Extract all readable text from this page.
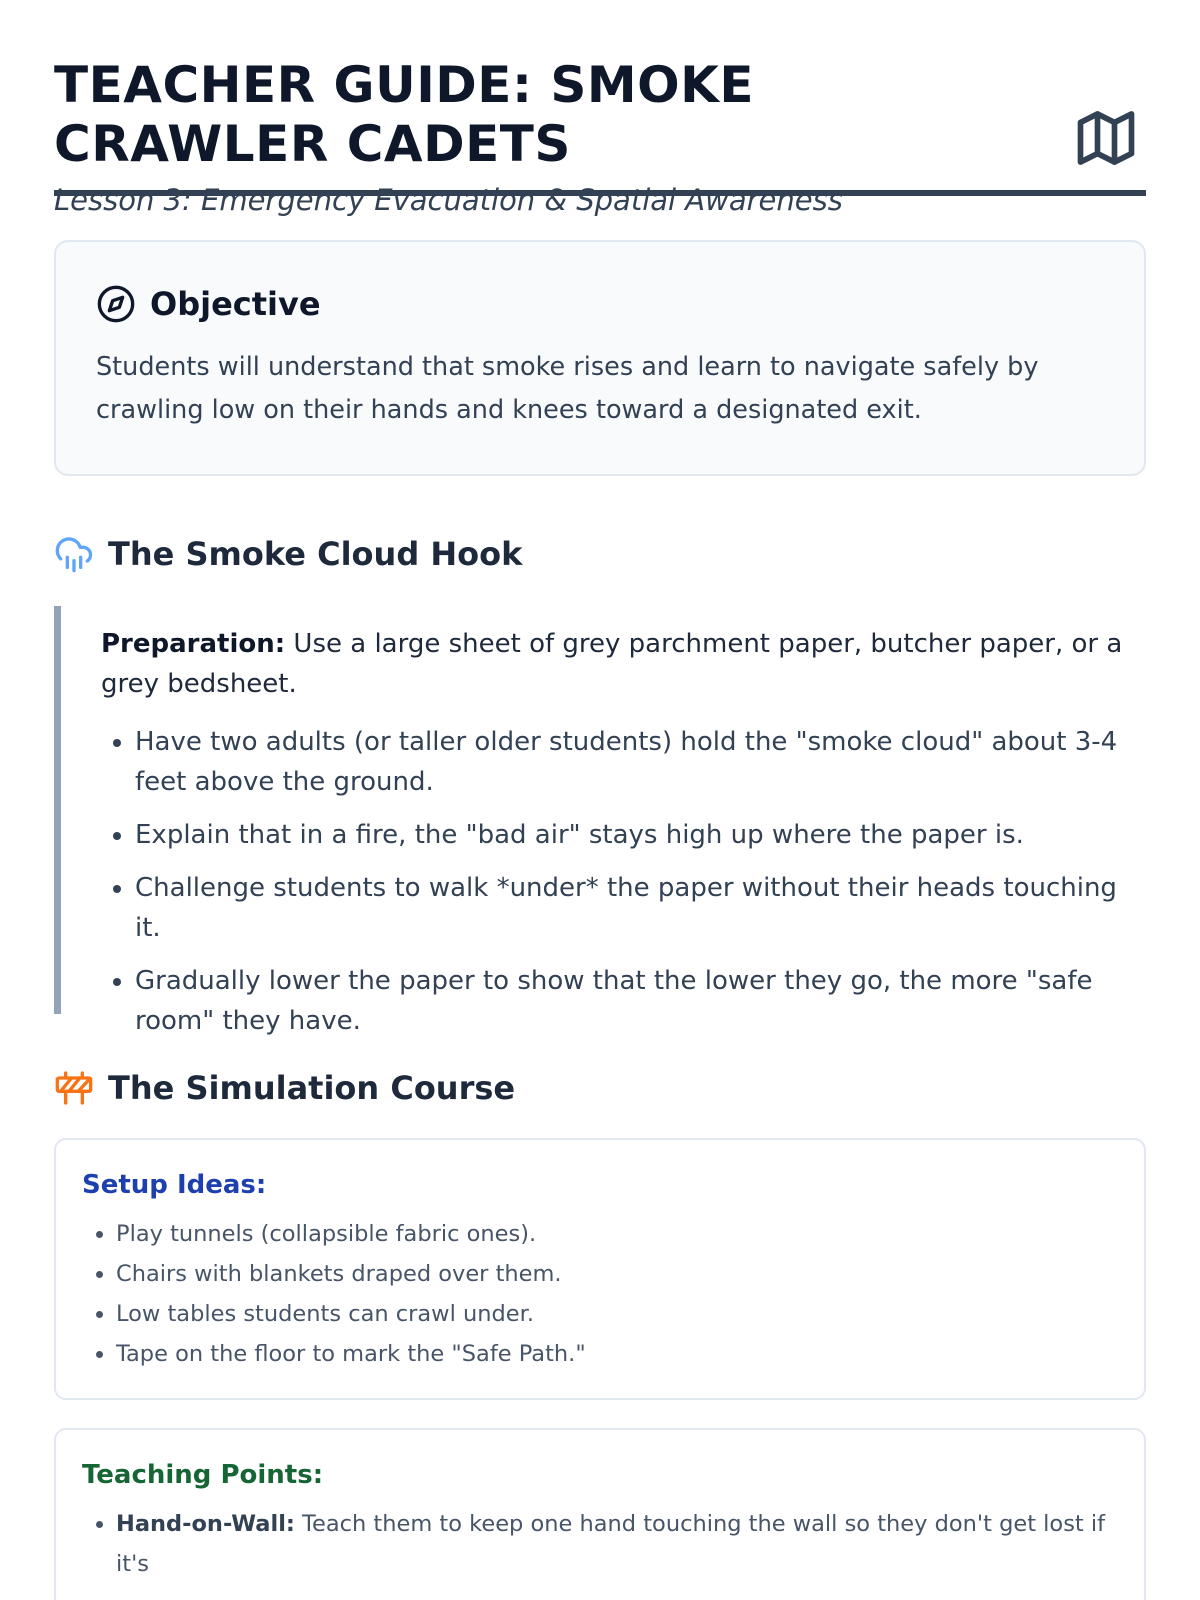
TEACHER GUIDE: SMOKE CRAWLER CADETS

Lesson 3: Emergency Evacuation & Spatial Awareness

Objective

Students will understand that smoke rises and learn to navigate safely by crawling low on their hands and knees toward a designated exit.

The Smoke Cloud Hook

Preparation: Use a large sheet of grey parchment paper, butcher paper, or a grey bedsheet.

• Have two adults (or taller older students) hold the "smoke cloud" about 3-4 feet above the ground.
• Explain that in a fire, the "bad air" stays high up where the paper is.
• Challenge students to walk *under* the paper without their heads touching it.
• Gradually lower the paper to show that the lower they go, the more "safe room" they have.
The Simulation Course
Setup Ideas:
• Play tunnels (collapsible fabric ones).
• Chairs with blankets draped over them.
• Low tables students can crawl under.
• Tape on the floor to mark the "Safe Path."
Teaching Points:
• Hand-on-Wall: Teach them to keep one hand touching the wall so they don't get lost if it's
